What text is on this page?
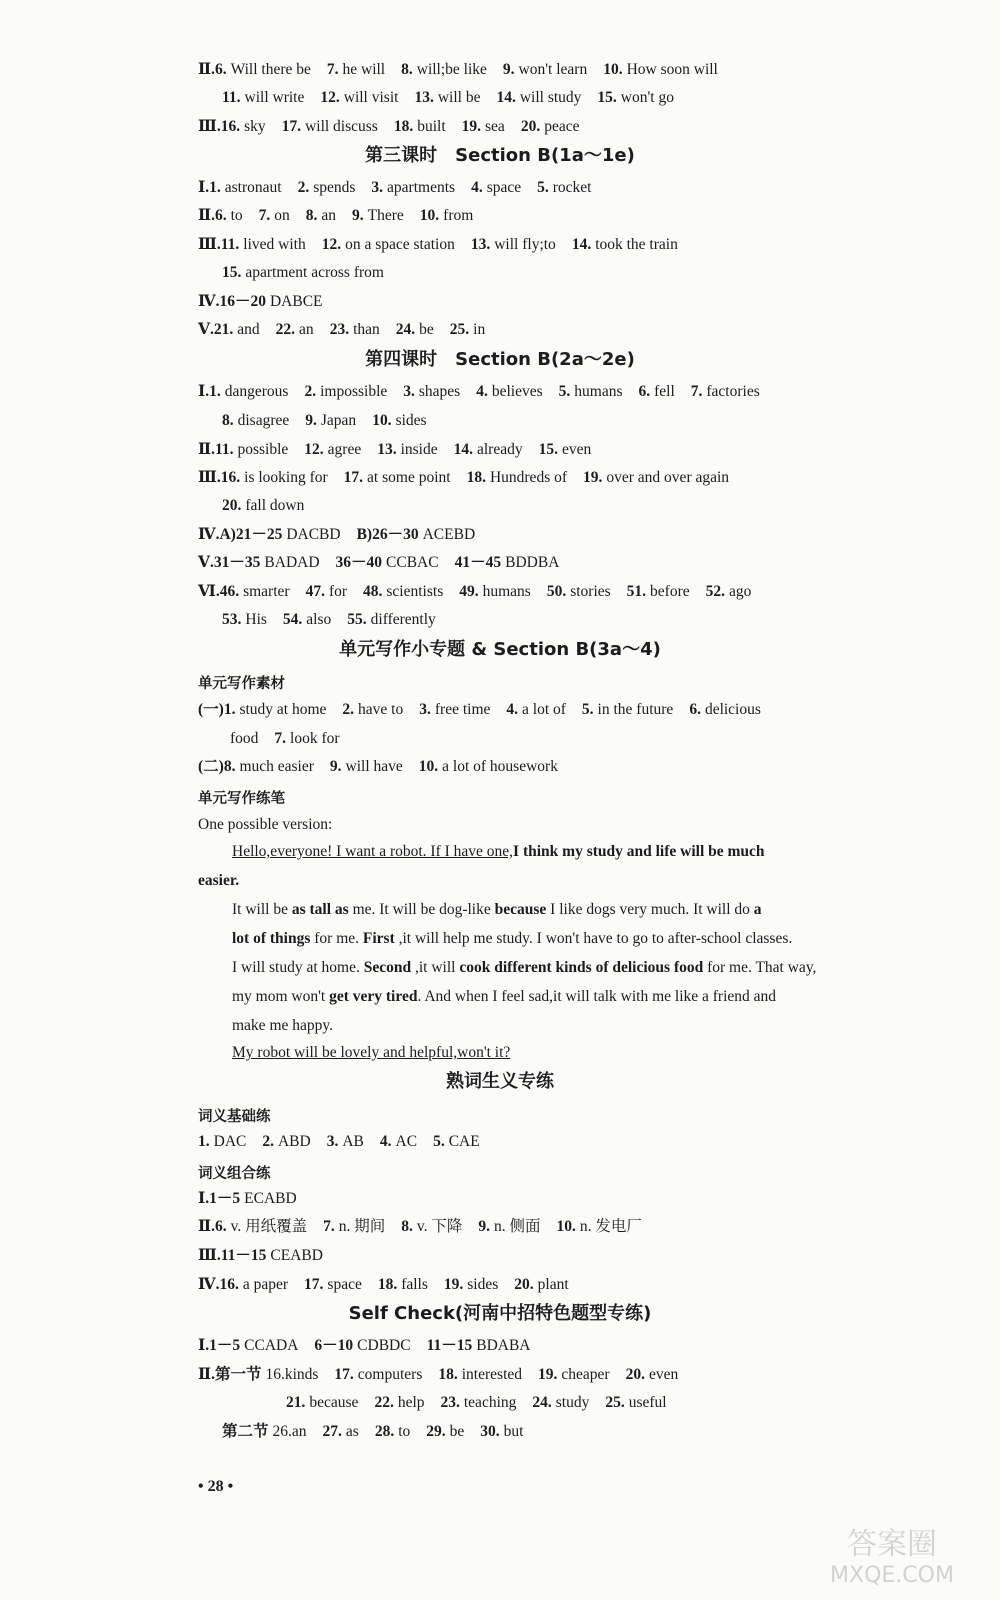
Ⅱ.6. Will there be 7. he will 8. will;be like 9. won't learn 10. How soon will
11. will write 12. will visit 13. will be 14. will study 15. won't go
Ⅲ.16. sky 17. will discuss 18. built 19. sea 20. peace
Ⅰ.1. astronaut 2. spends 3. apartments 4. space 5. rocket
Ⅱ.6. to 7. on 8. an 9. There 10. from
Ⅲ.11. lived with 12. on a space station 13. will fly;to 14. took the train
15. apartment across from
Ⅳ.16－20 DABCE
Ⅴ.21. and 22. an 23. than 24. be 25. in
Ⅰ.1. dangerous 2. impossible 3. shapes 4. believes 5. humans 6. fell 7. factories
8. disagree 9. Japan 10. sides
Ⅱ.11. possible 12. agree 13. inside 14. already 15. even
Ⅲ.16. is looking for 17. at some point 18. Hundreds of 19. over and over again
20. fall down
Ⅳ.A)21－25 DACBD B)26－30 ACEBD
Ⅴ.31－35 BADAD 36－40 CCBAC 41－45 BDDBA
Ⅵ.46. smarter 47. for 48. scientists 49. humans 50. stories 51. before 52. ago
53. His 54. also 55. differently
(一)1. study at home 2. have to 3. free time 4. a lot of 5. in the future 6. delicious
food 7. look for
(二)8. much easier 9. will have 10. a lot of housework
1. DAC 2. ABD 3. AB 4. AC 5. CAE
Ⅰ.1－5 ECABD
Ⅱ.6. v. 用纸覆盖 7. n. 期间 8. v. 下降 9. n. 侧面 10. n. 发电厂
Ⅲ.11－15 CEABD
Ⅳ.16. a paper 17. space 18. falls 19. sides 20. plant
Ⅰ.1－5 CCADA 6－10 CDBDC 11－15 BDABA
Ⅱ.第一节 16.kinds 17. computers 18. interested 19. cheaper 20. even
21. because 22. help 23. teaching 24. study 25. useful
第二节 26.an 27. as 28. to 29. be 30. but
第三课时　Section B(1a～1e)
第四课时　Section B(2a～2e)
单元写作小专题 & Section B(3a～4)
熟词生义专练
Self Check(河南中招特色题型专练)
单元写作素材
单元写作练笔
词义基础练
词义组合练
One possible version:
Hello,everyone! I want a robot. If I have one,I think my study and life will be much
easier.
It will be as tall as me. It will be dog-like because I like dogs very much. It will do a
lot of things for me. First ,it will help me study. I won't have to go to after-school classes.
I will study at home. Second ,it will cook different kinds of delicious food for me. That way,
my mom won't get very tired. And when I feel sad,it will talk with me like a friend and
make me happy.
My robot will be lovely and helpful,won't it?
• 28 •
答案圈
MXQE.COM
